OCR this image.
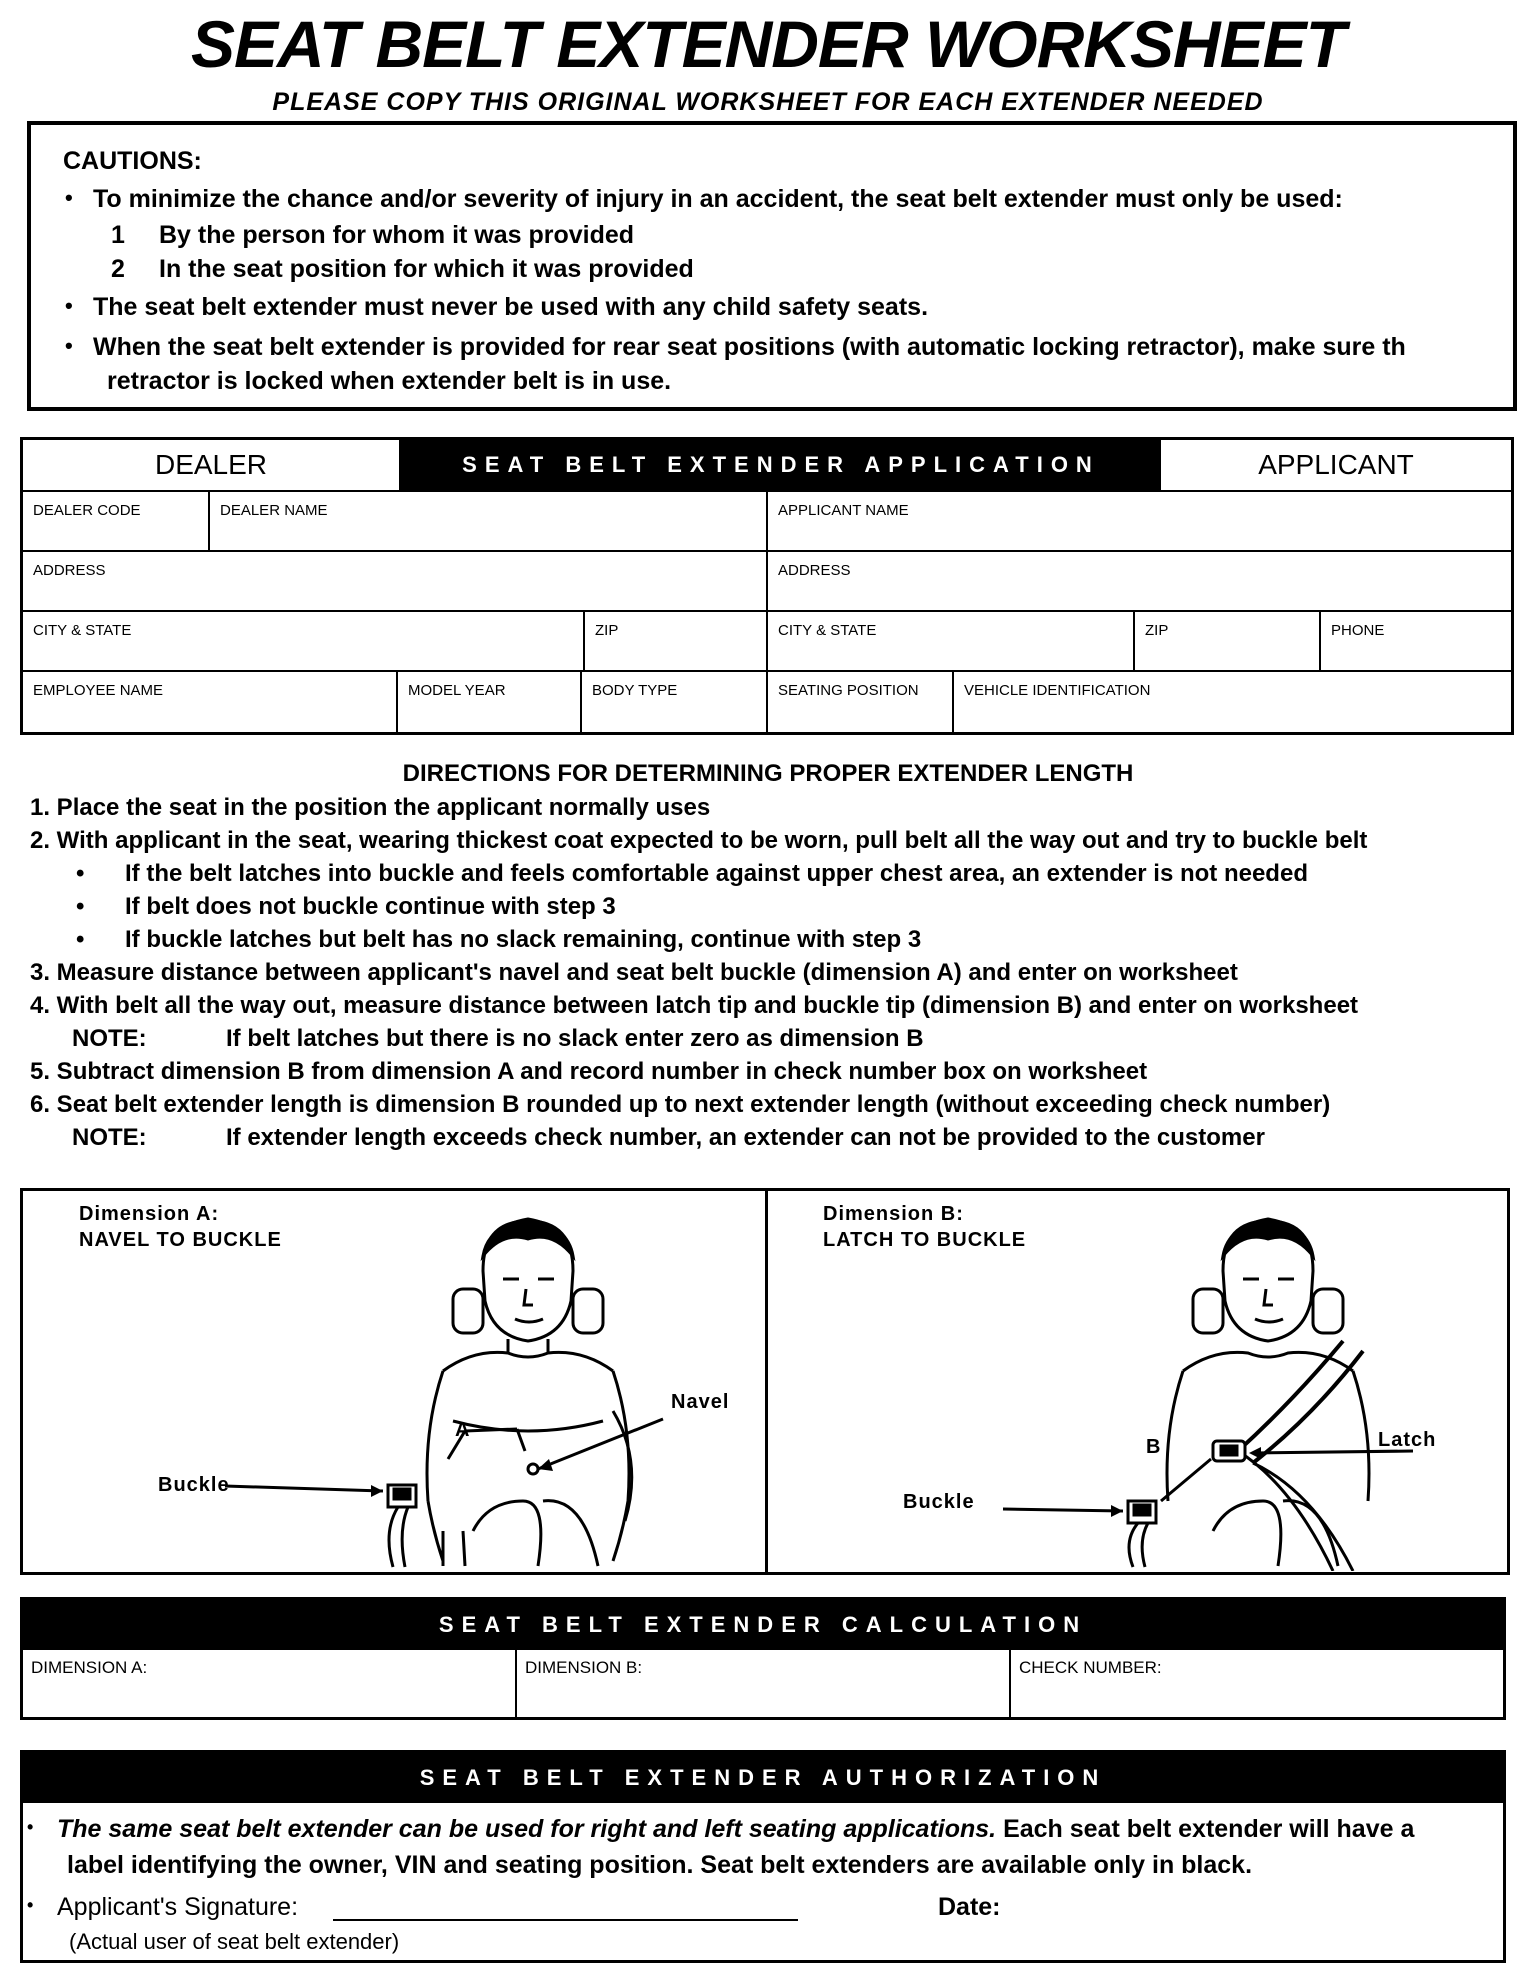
SEAT BELT EXTENDER WORKSHEET
PLEASE COPY THIS ORIGINAL WORKSHEET FOR EACH EXTENDER NEEDED
CAUTIONS:
• To minimize the chance and/or severity of injury in an accident, the seat belt extender must only be used:
1 By the person for whom it was provided
2 In the seat position for which it was provided
• The seat belt extender must never be used with any child safety seats.
• When the seat belt extender is provided for rear seat positions (with automatic locking retractor), make sure th
retractor is locked when extender belt is in use.
DEALER	SEAT BELT EXTENDER APPLICATION	APPLICANT
DEALER CODE	DEALER NAME	APPLICANT NAME
ADDRESS	ADDRESS
CITY & STATE	ZIP	CITY & STATE	ZIP	PHONE
EMPLOYEE NAME	MODEL YEAR	BODY TYPE	SEATING POSITION	VEHICLE IDENTIFICATION
DIRECTIONS FOR DETERMINING PROPER EXTENDER LENGTH
1. Place the seat in the position the applicant normally uses
2. With applicant in the seat, wearing thickest coat expected to be worn, pull belt all the way out and try to buckle belt
• If the belt latches into buckle and feels comfortable against upper chest area, an extender is not needed
• If belt does not buckle continue with step 3
• If buckle latches but belt has no slack remaining, continue with step 3
3. Measure distance between applicant's navel and seat belt buckle (dimension A) and enter on worksheet
4. With belt all the way out, measure distance between latch tip and buckle tip (dimension B) and enter on worksheet
NOTE:	If belt latches but there is no slack enter zero as dimension B
5. Subtract dimension B from dimension A and record number in check number box on worksheet
6. Seat belt extender length is dimension B rounded up to next extender length (without exceeding check number)
NOTE:	If extender length exceeds check number, an extender can not be provided to the customer
Dimension A:
NAVEL TO BUCKLE
Dimension B:
LATCH TO BUCKLE
A
Navel
Buckle
B	Latch
Buckle
SEAT BELT EXTENDER CALCULATION
DIMENSION A:	DIMENSION B:	CHECK NUMBER:
SEAT BELT EXTENDER AUTHORIZATION
• The same seat belt extender can be used for right and left seating applications. Each seat belt extender will have a
label identifying the owner, VIN and seating position. Seat belt extenders are available only in black.
• Applicant's Signature:	Date:
(Actual user of seat belt extender)
